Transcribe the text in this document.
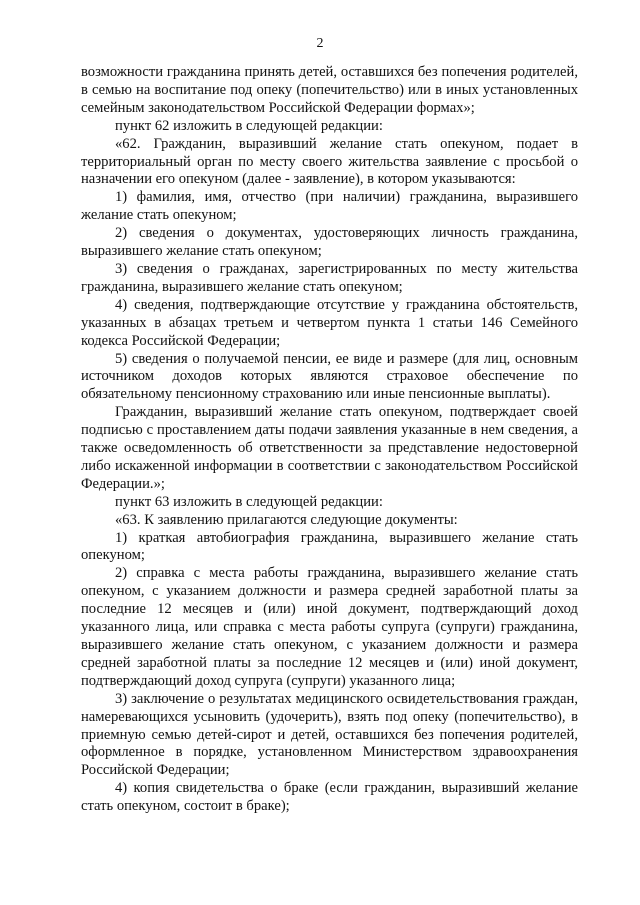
2

возможности гражданина принять детей, оставшихся без попечения родителей, в семью на воспитание под опеку (попечительство) или в иных установленных семейным законодательством Российской Федерации формах»;

пункт 62 изложить в следующей редакции:

«62. Гражданин, выразивший желание стать опекуном, подает в территориальный орган по месту своего жительства заявление с просьбой о назначении его опекуном (далее - заявление), в котором указываются:

1) фамилия, имя, отчество (при наличии) гражданина, выразившего желание стать опекуном;

2) сведения о документах, удостоверяющих личность гражданина, выразившего желание стать опекуном;

3) сведения о гражданах, зарегистрированных по месту жительства гражданина, выразившего желание стать опекуном;

4) сведения, подтверждающие отсутствие у гражданина обстоятельств, указанных в абзацах третьем и четвертом пункта 1 статьи 146 Семейного кодекса Российской Федерации;

5) сведения о получаемой пенсии, ее виде и размере (для лиц, основным источником доходов которых являются страховое обеспечение по обязательному пенсионному страхованию или иные пенсионные выплаты).

Гражданин, выразивший желание стать опекуном, подтверждает своей подписью с проставлением даты подачи заявления указанные в нем сведения, а также осведомленность об ответственности за представление недостоверной либо искаженной информации в соответствии с законодательством Российской Федерации.»;

пункт 63 изложить в следующей редакции:

«63. К заявлению прилагаются следующие документы:

1) краткая автобиография гражданина, выразившего желание стать опекуном;

2) справка с места работы гражданина, выразившего желание стать опекуном, с указанием должности и размера средней заработной платы за последние 12 месяцев и (или) иной документ, подтверждающий доход указанного лица, или справка с места работы супруга (супруги) гражданина, выразившего желание стать опекуном, с указанием должности и размера средней заработной платы за последние 12 месяцев и (или) иной документ, подтверждающий доход супруга (супруги) указанного лица;

3) заключение о результатах медицинского освидетельствования граждан, намеревающихся усыновить (удочерить), взять под опеку (попечительство), в приемную семью детей-сирот и детей, оставшихся без попечения родителей, оформленное в порядке, установленном Министерством здравоохранения Российской Федерации;

4) копия свидетельства о браке (если гражданин, выразивший желание стать опекуном, состоит в браке);
